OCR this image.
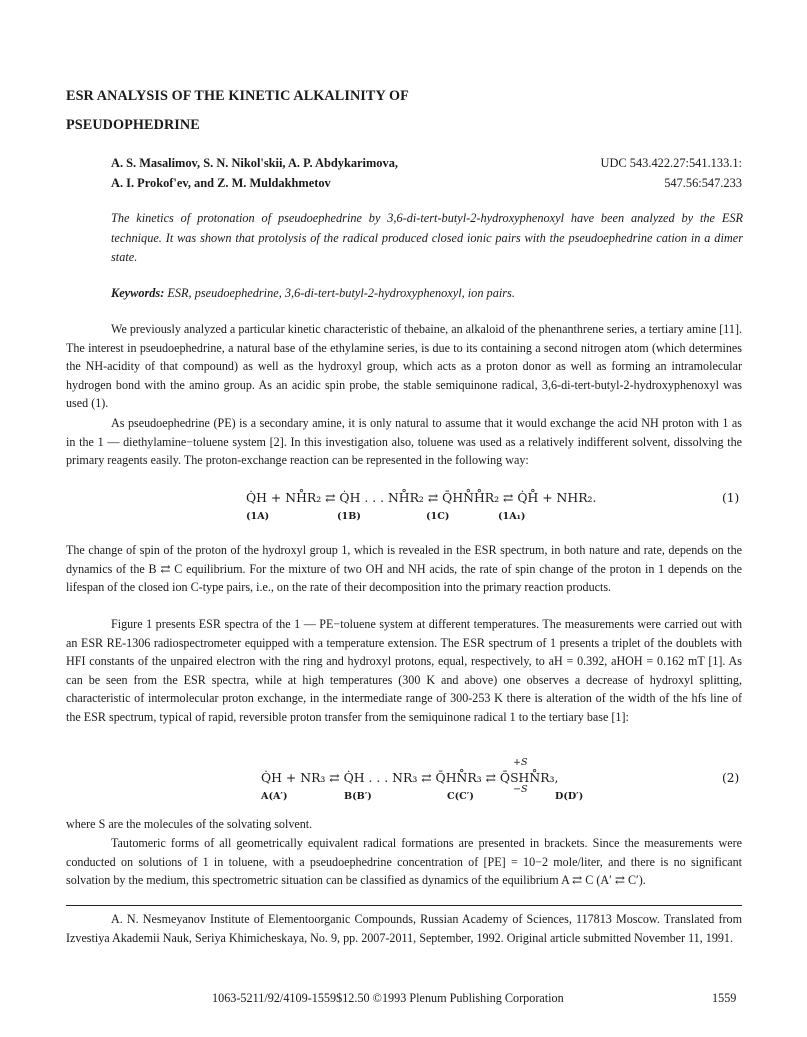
ESR ANALYSIS OF THE KINETIC ALKALINITY OF
PSEUDOPHEDRINE
A. S. Masalimov, S. N. Nikol'skii, A. P. Abdykarimova,
A. I. Prokof'ev, and Z. M. Muldakhmetov
UDC 543.422.27:541.133.1:
547.56:547.233
The kinetics of protonation of pseudoephedrine by 3,6-di-tert-butyl-2-hydroxyphenoxyl have been analyzed by the ESR technique. It was shown that protolysis of the radical produced closed ionic pairs with the pseudoephedrine cation in a dimer state.
Keywords: ESR, pseudoephedrine, 3,6-di-tert-butyl-2-hydroxyphenoxyl, ion pairs.
We previously analyzed a particular kinetic characteristic of thebaine, an alkaloid of the phenanthrene series, a tertiary amine [11]. The interest in pseudoephedrine, a natural base of the ethylamine series, is due to its containing a second nitrogen atom (which determines the NH-acidity of that compound) as well as the hydroxyl group, which acts as a proton donor as well as forming an intramolecular hydrogen bond with the amino group. As an acidic spin probe, the stable semiquinone radical, 3,6-di-tert-butyl-2-hydroxyphenoxyl was used (1).
As pseudoephedrine (PE) is a secondary amine, it is only natural to assume that it would exchange the acid NH proton with 1 as in the 1 — diethylamine−toluene system [2]. In this investigation also, toluene was used as a relatively indifferent solvent, dissolving the primary reagents easily. The proton-exchange reaction can be represented in the following way:
Q̇H + NH̊R₂ ⇄ Q̇H . . . NH̊R₂ ⇄ Q̄HN̊H̊R₂ ⇄ Q̇H̊ + NHR₂.
(1A)	(1B)	(1C)	(1A₁)
(1)
The change of spin of the proton of the hydroxyl group 1, which is revealed in the ESR spectrum, in both nature and rate, depends on the dynamics of the B ⇄ C equilibrium. For the mixture of two OH and NH acids, the rate of spin change of the proton in 1 depends on the lifespan of the closed ion C-type pairs, i.e., on the rate of their decomposition into the primary reaction products.
Figure 1 presents ESR spectra of the 1 — PE−toluene system at different temperatures. The measurements were carried out with an ESR RE-1306 radiospectrometer equipped with a temperature extension. The ESR spectrum of 1 presents a triplet of the doublets with HFI constants of the unpaired electron with the ring and hydroxyl protons, equal, respectively, to aH = 0.392, aHOH = 0.162 mT [1]. As can be seen from the ESR spectra, while at high temperatures (300 K and above) one observes a decrease of hydroxyl splitting, characteristic of intermolecular proton exchange, in the intermediate range of 300-253 K there is alteration of the width of the hfs line of the ESR spectrum, typical of rapid, reversible proton transfer from the semiquinone radical 1 to the tertiary base [1]:
Q̇H + NR₃ ⇄ Q̇H . . . NR₃ ⇄ Q̄HN̊R₃ ⇄ Q̄SHN̊R₃,
+S
−S
A(A′)	B(B′)	C(C′)	D(D′)
(2)
where S are the molecules of the solvating solvent.
Tautomeric forms of all geometrically equivalent radical formations are presented in brackets. Since the measurements were conducted on solutions of 1 in toluene, with a pseudoephedrine concentration of [PE] = 10−2 mole/liter, and there is no significant solvation by the medium, this spectrometric situation can be classified as dynamics of the equilibrium A ⇄ C (A′ ⇄ C′).
A. N. Nesmeyanov Institute of Elementoorganic Compounds, Russian Academy of Sciences, 117813 Moscow. Translated from Izvestiya Akademii Nauk, Seriya Khimicheskaya, No. 9, pp. 2007-2011, September, 1992. Original article submitted November 11, 1991.
1063-5211/92/4109-1559$12.50 ©1993 Plenum Publishing Corporation	1559
